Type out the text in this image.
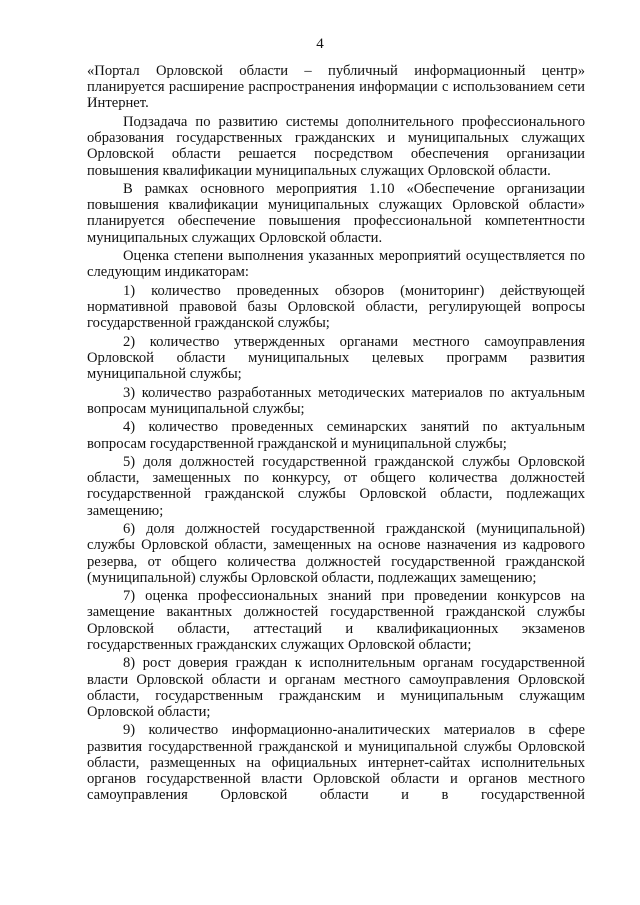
4

«Портал Орловской области – публичный информационный центр» планируется расширение распространения информации с использованием сети Интернет.

Подзадача по развитию системы дополнительного профессионального образования государственных гражданских и муниципальных служащих Орловской области решается посредством обеспечения организации повышения квалификации муниципальных служащих Орловской области.

В рамках основного мероприятия 1.10 «Обеспечение организации повышения квалификации муниципальных служащих Орловской области» планируется обеспечение повышения профессиональной компетентности муниципальных служащих Орловской области.

Оценка степени выполнения указанных мероприятий осуществляется по следующим индикаторам:

1) количество проведенных обзоров (мониторинг) действующей нормативной правовой базы Орловской области, регулирующей вопросы государственной гражданской службы;

2) количество утвержденных органами местного самоуправления Орловской области муниципальных целевых программ развития муниципальной службы;

3) количество разработанных методических материалов по актуальным вопросам муниципальной службы;

4) количество проведенных семинарских занятий по актуальным вопросам государственной гражданской и муниципальной службы;

5) доля должностей государственной гражданской службы Орловской области, замещенных по конкурсу, от общего количества должностей государственной гражданской службы Орловской области, подлежащих замещению;

6) доля должностей государственной гражданской (муниципальной) службы Орловской области, замещенных на основе назначения из кадрового резерва, от общего количества должностей государственной гражданской (муниципальной) службы Орловской области, подлежащих замещению;

7) оценка профессиональных знаний при проведении конкурсов на замещение вакантных должностей государственной гражданской службы Орловской области, аттестаций и квалификационных экзаменов государственных гражданских служащих Орловской области;

8) рост доверия граждан к исполнительным органам государственной власти Орловской области и органам местного самоуправления Орловской области, государственным гражданским и муниципальным служащим Орловской области;

9) количество информационно-аналитических материалов в сфере развития государственной гражданской и муниципальной службы Орловской области, размещенных на официальных интернет-сайтах исполнительных органов государственной власти Орловской области и органов местного самоуправления Орловской области и в государственной
